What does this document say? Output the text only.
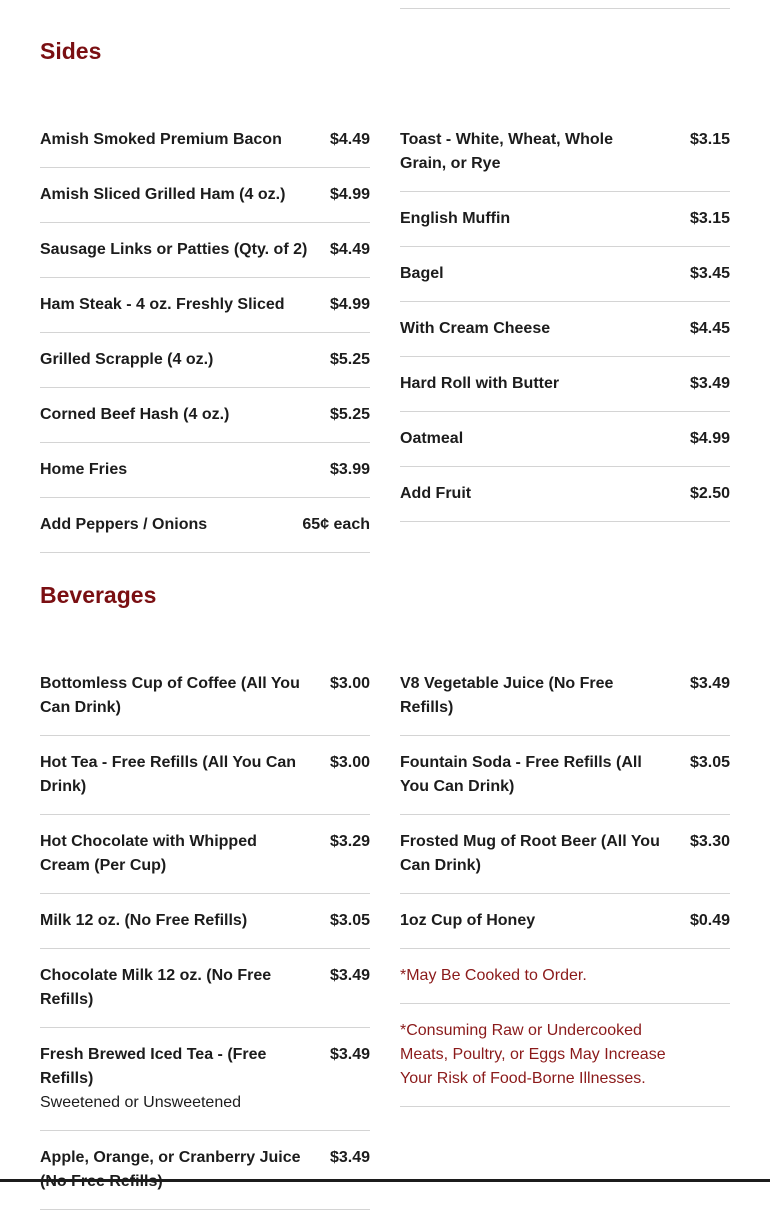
Sides
Amish Smoked Premium Bacon	$4.49
Amish Sliced Grilled Ham (4 oz.)	$4.99
Sausage Links or Patties (Qty. of 2)	$4.49
Ham Steak - 4 oz. Freshly Sliced	$4.99
Grilled Scrapple (4 oz.)	$5.25
Corned Beef Hash (4 oz.)	$5.25
Home Fries	$3.99
Add Peppers / Onions	65¢ each
Toast - White, Wheat, Whole Grain, or Rye
$3.15
English Muffin	$3.15
Bagel	$3.45
With Cream Cheese	$4.45
Hard Roll with Butter	$3.49
Oatmeal	$4.99
Add Fruit	$2.50
Beverages
Bottomless Cup of Coffee (All You Can Drink)
$3.00
Hot Tea - Free Refills (All You Can Drink)
$3.00
Hot Chocolate with Whipped Cream (Per Cup)
$3.29
Milk 12 oz. (No Free Refills)	$3.05
Chocolate Milk 12 oz. (No Free Refills)
$3.49
Fresh Brewed Iced Tea - (Free Refills)
Sweetened or Unsweetened
$3.49
Apple, Orange, or Cranberry Juice $3.49
V8 Vegetable Juice (No Free Refills)
$3.49
Fountain Soda - Free Refills (All You Can Drink)
$3.05
Frosted Mug of Root Beer (All You Can Drink)
$3.30
1oz Cup of Honey	$0.49
*May Be Cooked to Order.
*Consuming Raw or Undercooked Meats, Poultry, or Eggs May Increase Your Risk of Food-Borne Illnesses.
